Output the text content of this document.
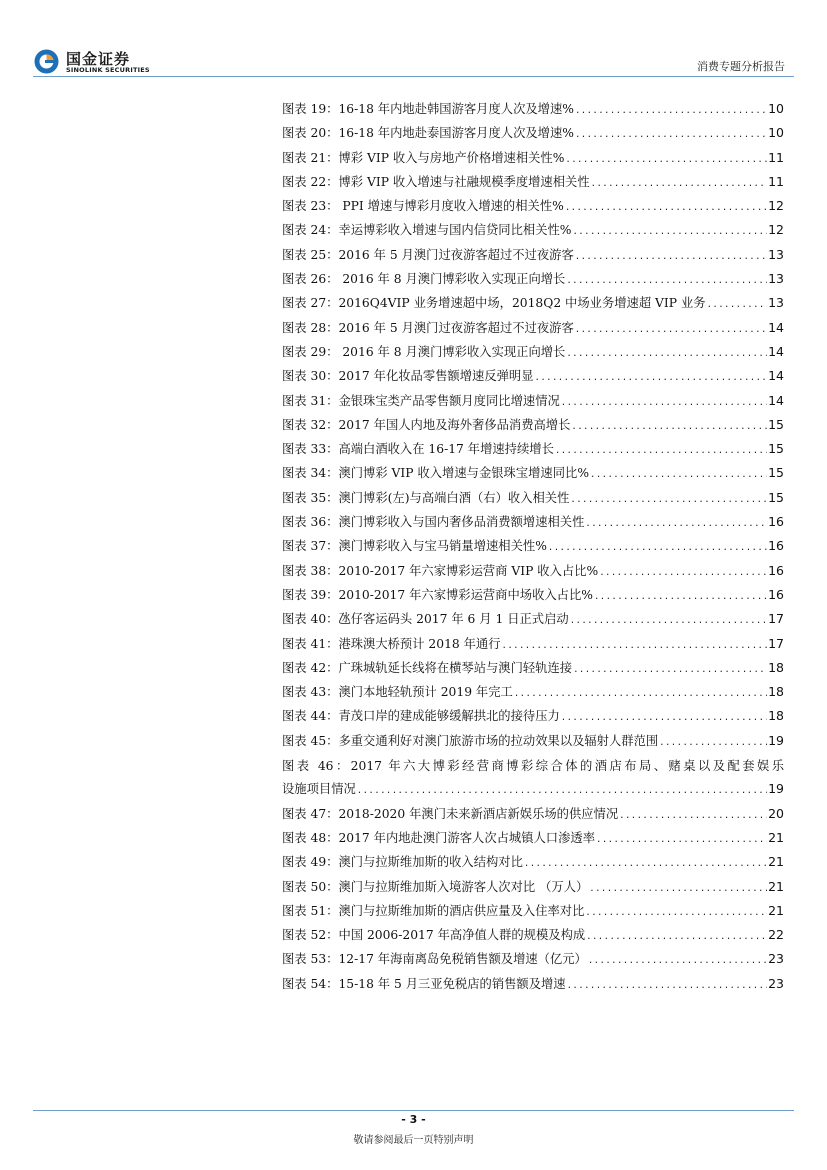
国金证券
SINOLINK SECURITIES	消费专题分析报告
图表 19：16-18 年内地赴韩国游客月度人次及增速% .....	10
图表 20：16-18 年内地赴泰国游客月度人次及增速% .....	10
图表 21：博彩 VIP 收入与房地产价格增速相关性% .....	11
图表 22：博彩 VIP 收入增速与社融规模季度增速相关性 .....	11
图表 23： PPI 增速与博彩月度收入增速的相关性% .....	12
图表 24：幸运博彩收入增速与国内信贷同比相关性% .....	12
图表 25：2016 年 5 月澳门过夜游客超过不过夜游客 .....	13
图表 26： 2016 年 8 月澳门博彩收入实现正向增长 .....	13
图表 27：2016Q4VIP 业务增速超中场，2018Q2 中场业务增速超 VIP 业务 .....	13
图表 28：2016 年 5 月澳门过夜游客超过不过夜游客 .....	14
图表 29： 2016 年 8 月澳门博彩收入实现正向增长 .....	14
图表 30：2017 年化妆品零售额增速反弹明显 .....	14
图表 31：金银珠宝类产品零售额月度同比增速情况 .....	14
图表 32：2017 年国人内地及海外奢侈品消费高增长 .....	15
图表 33：高端白酒收入在 16-17 年增速持续增长 .....	15
图表 34：澳门博彩 VIP 收入增速与金银珠宝增速同比% .....	15
图表 35：澳门博彩(左)与高端白酒（右）收入相关性 .....	15
图表 36：澳门博彩收入与国内奢侈品消费额增速相关性 .....	16
图表 37：澳门博彩收入与宝马销量增速相关性% .....	16
图表 38：2010-2017 年六家博彩运营商 VIP 收入占比% .....	16
图表 39：2010-2017 年六家博彩运营商中场收入占比% .....	16
图表 40：氹仔客运码头 2017 年 6 月 1 日正式启动 .....	17
图表 41：港珠澳大桥预计 2018 年通行 .....	17
图表 42：广珠城轨延长线将在横琴站与澳门轻轨连接 .....	18
图表 43：澳门本地轻轨预计 2019 年完工 .....	18
图表 44：青茂口岸的建成能够缓解拱北的接待压力 .....	18
图表 45：多重交通利好对澳门旅游市场的拉动效果以及辐射人群范围 .....	19
图表 46：2017 年六大博彩经营商博彩综合体的酒店布局、赌桌以及配套娱乐
设施项目情况 .....	19
图表 47：2018-2020 年澳门未来新酒店新娱乐场的供应情况 .....	20
图表 48：2017 年内地赴澳门游客人次占城镇人口渗透率 .....	21
图表 49：澳门与拉斯维加斯的收入结构对比 .....	21
图表 50：澳门与拉斯维加斯入境游客人次对比 （万人） .....	21
图表 51：澳门与拉斯维加斯的酒店供应量及入住率对比 .....	21
图表 52：中国 2006-2017 年高净值人群的规模及构成 .....	22
图表 53：12-17 年海南离岛免税销售额及增速（亿元） .....	23
图表 54：15-18 年 5 月三亚免税店的销售额及增速 .....	23
- 3 -
敬请参阅最后一页特别声明
